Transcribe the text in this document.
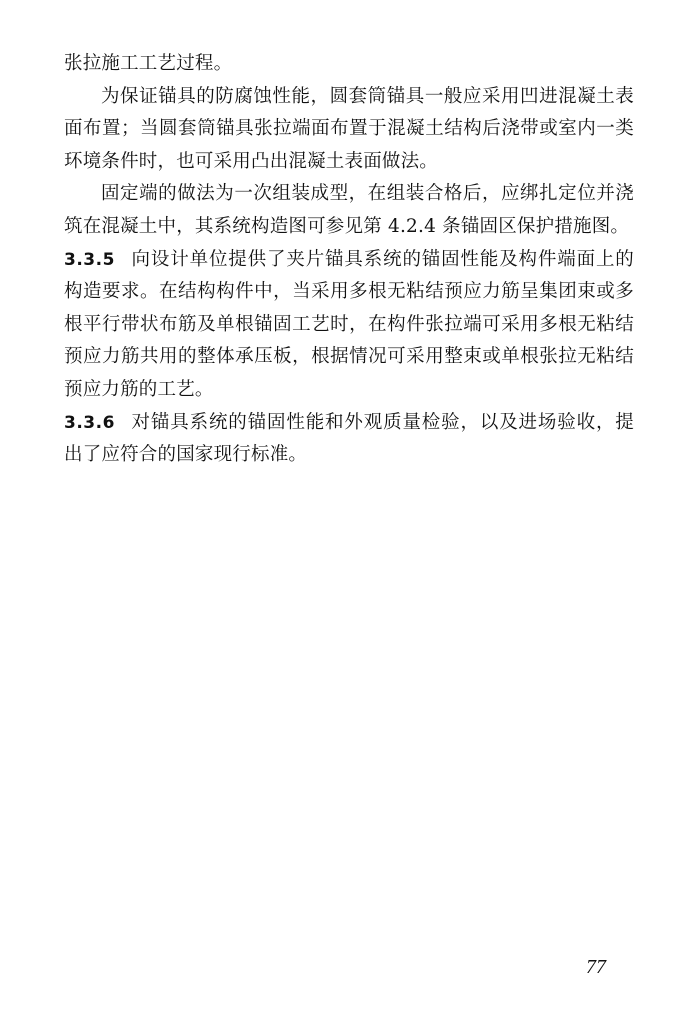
张拉施工工艺过程。

为保证锚具的防腐蚀性能，圆套筒锚具一般应采用凹进混凝土表面布置；当圆套筒锚具张拉端面布置于混凝土结构后浇带或室内一类环境条件时，也可采用凸出混凝土表面做法。

固定端的做法为一次组装成型，在组装合格后，应绑扎定位并浇筑在混凝土中，其系统构造图可参见第 4.2.4 条锚固区保护措施图。

3.3.5 向设计单位提供了夹片锚具系统的锚固性能及构件端面上的构造要求。在结构构件中，当采用多根无粘结预应力筋呈集团束或多根平行带状布筋及单根锚固工艺时，在构件张拉端可采用多根无粘结预应力筋共用的整体承压板，根据情况可采用整束或单根张拉无粘结预应力筋的工艺。

3.3.6 对锚具系统的锚固性能和外观质量检验，以及进场验收，提出了应符合的国家现行标准。

77
